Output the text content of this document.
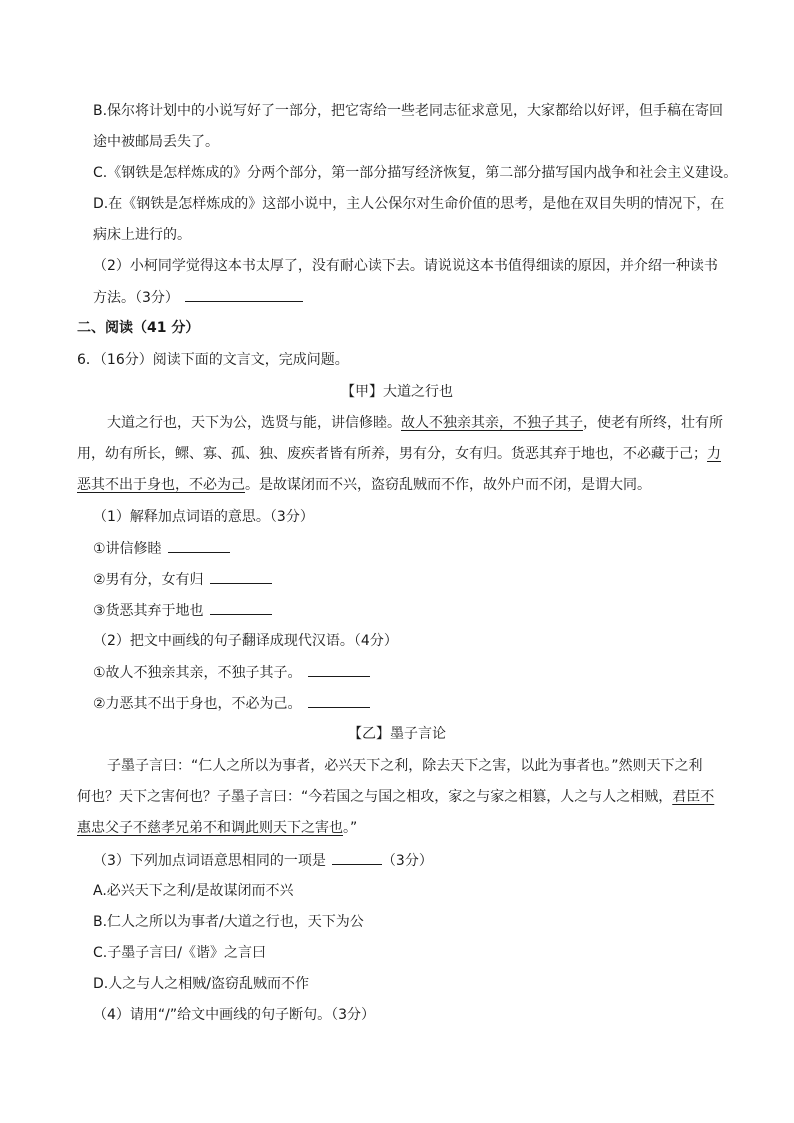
B.保尔将计划中的小说写好了一部分，把它寄给一些老同志征求意见，大家都给以好评，但手稿在寄回
途中被邮局丢失了。
C.《钢铁是怎样炼成的》分两个部分，第一部分描写经济恢复，第二部分描写国内战争和社会主义建设。
D.在《钢铁是怎样炼成的》这部小说中，主人公保尔对生命价值的思考，是他在双目失明的情况下，在
病床上进行的。
（2）小柯同学觉得这本书太厚了，没有耐心读下去。请说说这本书值得细读的原因，并介绍一种读书
方法。（3分）
二、阅读（41 分）
6．（16分）阅读下面的文言文，完成问题。
【甲】大道之行也
大道之行也，天下为公，选贤与能，讲信修睦。故人不独亲其亲，不独子其子，使老有所终，壮有所
用，幼有所长，鳏、寡、孤、独、废疾者皆有所养，男有分，女有归。货恶其弃于地也，不必藏于己；力
恶其不出于身也，不必为己。是故谋闭而不兴，盗窃乱贼而不作，故外户而不闭，是谓大同。
（1）解释加点词语的意思。（3分）
①讲信修睦
②男有分，女有归
③货恶其弃于地也
（2）把文中画线的句子翻译成现代汉语。（4分）
①故人不独亲其亲，不独子其子。
②力恶其不出于身也，不必为己。
【乙】墨子言论
子墨子言曰：“仁人之所以为事者，必兴天下之利，除去天下之害，以此为事者也。”然则天下之利
何也？天下之害何也？子墨子言曰：“今若国之与国之相攻，家之与家之相篡，人之与人之相贼，君臣不
惠忠父子不慈孝兄弟不和调此则天下之害也。”
（3）下列加点词语意思相同的一项是	（3分）
A.必兴天下之利/是故谋闭而不兴
B.仁人之所以为事者/大道之行也，天下为公
C.子墨子言曰/《谐》之言曰
D.人之与人之相贼/盗窃乱贼而不作
（4）请用“/”给文中画线的句子断句。（3分）
